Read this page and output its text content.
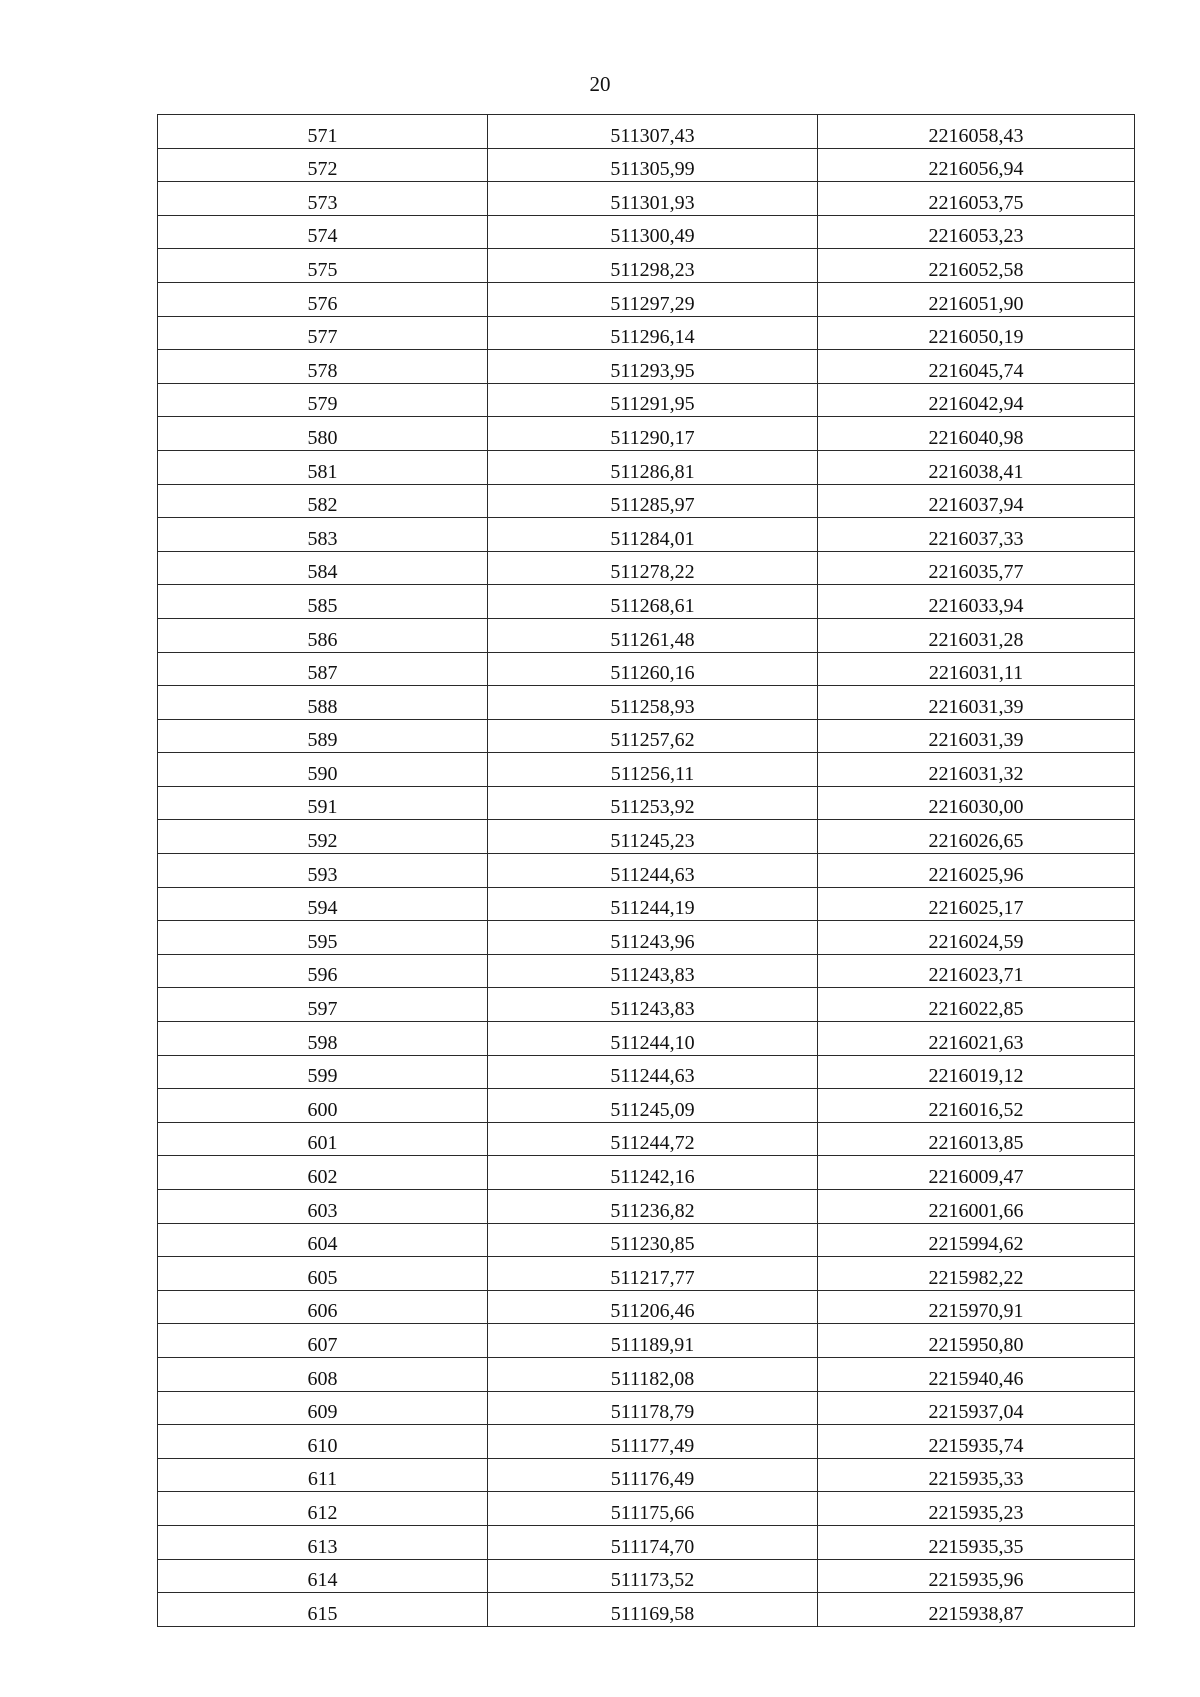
20
571	511307,43	2216058,43
572	511305,99	2216056,94
573	511301,93	2216053,75
574	511300,49	2216053,23
575	511298,23	2216052,58
576	511297,29	2216051,90
577	511296,14	2216050,19
578	511293,95	2216045,74
579	511291,95	2216042,94
580	511290,17	2216040,98
581	511286,81	2216038,41
582	511285,97	2216037,94
583	511284,01	2216037,33
584	511278,22	2216035,77
585	511268,61	2216033,94
586	511261,48	2216031,28
587	511260,16	2216031,11
588	511258,93	2216031,39
589	511257,62	2216031,39
590	511256,11	2216031,32
591	511253,92	2216030,00
592	511245,23	2216026,65
593	511244,63	2216025,96
594	511244,19	2216025,17
595	511243,96	2216024,59
596	511243,83	2216023,71
597	511243,83	2216022,85
598	511244,10	2216021,63
599	511244,63	2216019,12
600	511245,09	2216016,52
601	511244,72	2216013,85
602	511242,16	2216009,47
603	511236,82	2216001,66
604	511230,85	2215994,62
605	511217,77	2215982,22
606	511206,46	2215970,91
607	511189,91	2215950,80
608	511182,08	2215940,46
609	511178,79	2215937,04
610	511177,49	2215935,74
611	511176,49	2215935,33
612	511175,66	2215935,23
613	511174,70	2215935,35
614	511173,52	2215935,96
615	511169,58	2215938,87
